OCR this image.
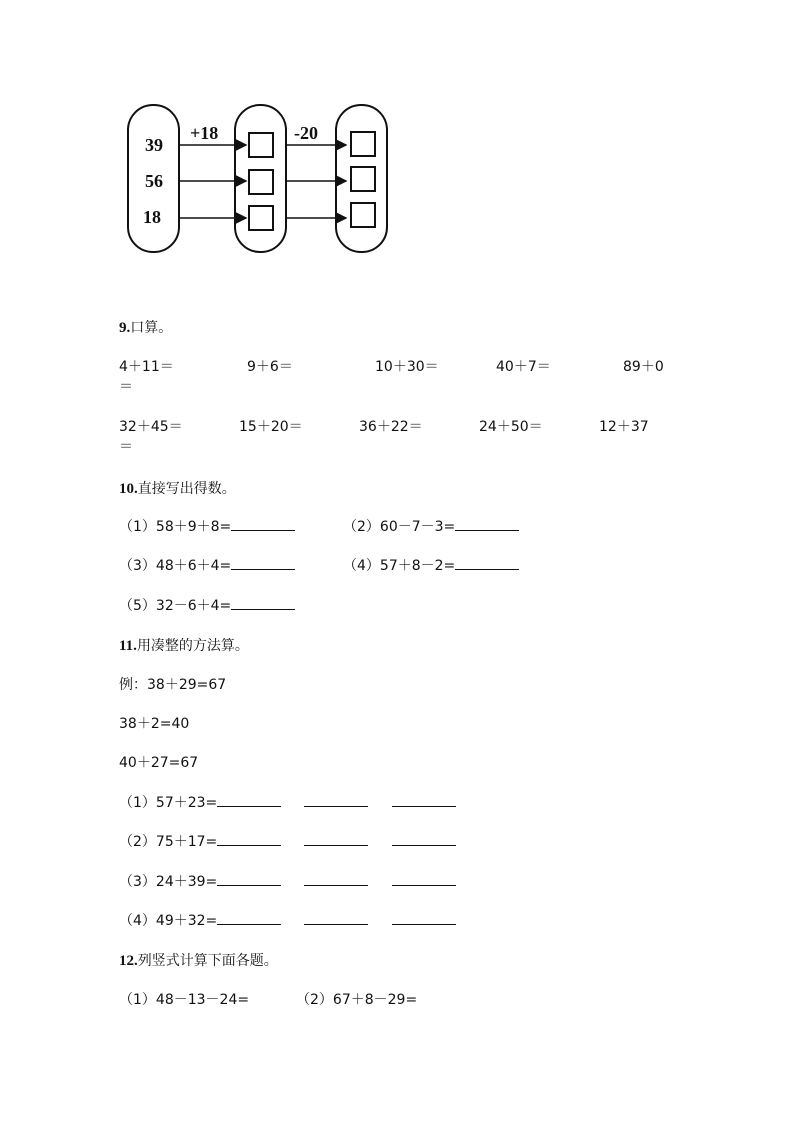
39
56
18
+18	-20
9.口算。
4＋11＝	9＋6＝	10＋30＝	40＋7＝	89＋0
＝
32＋45＝	15＋20＝	36＋22＝	24＋50＝	12＋37
＝
10.直接写出得数。
（1）58＋9＋8=	（2）60－7－3=
（3）48＋6＋4=	（4）57＋8－2=
（5）32－6＋4=
11.用凑整的方法算。
例：38＋29=67
38＋2=40
40＋27=67
（1）57＋23=
（2）75＋17=
（3）24＋39=
（4）49＋32=
12.列竖式计算下面各题。
（1）48－13－24=	（2）67＋8－29=
